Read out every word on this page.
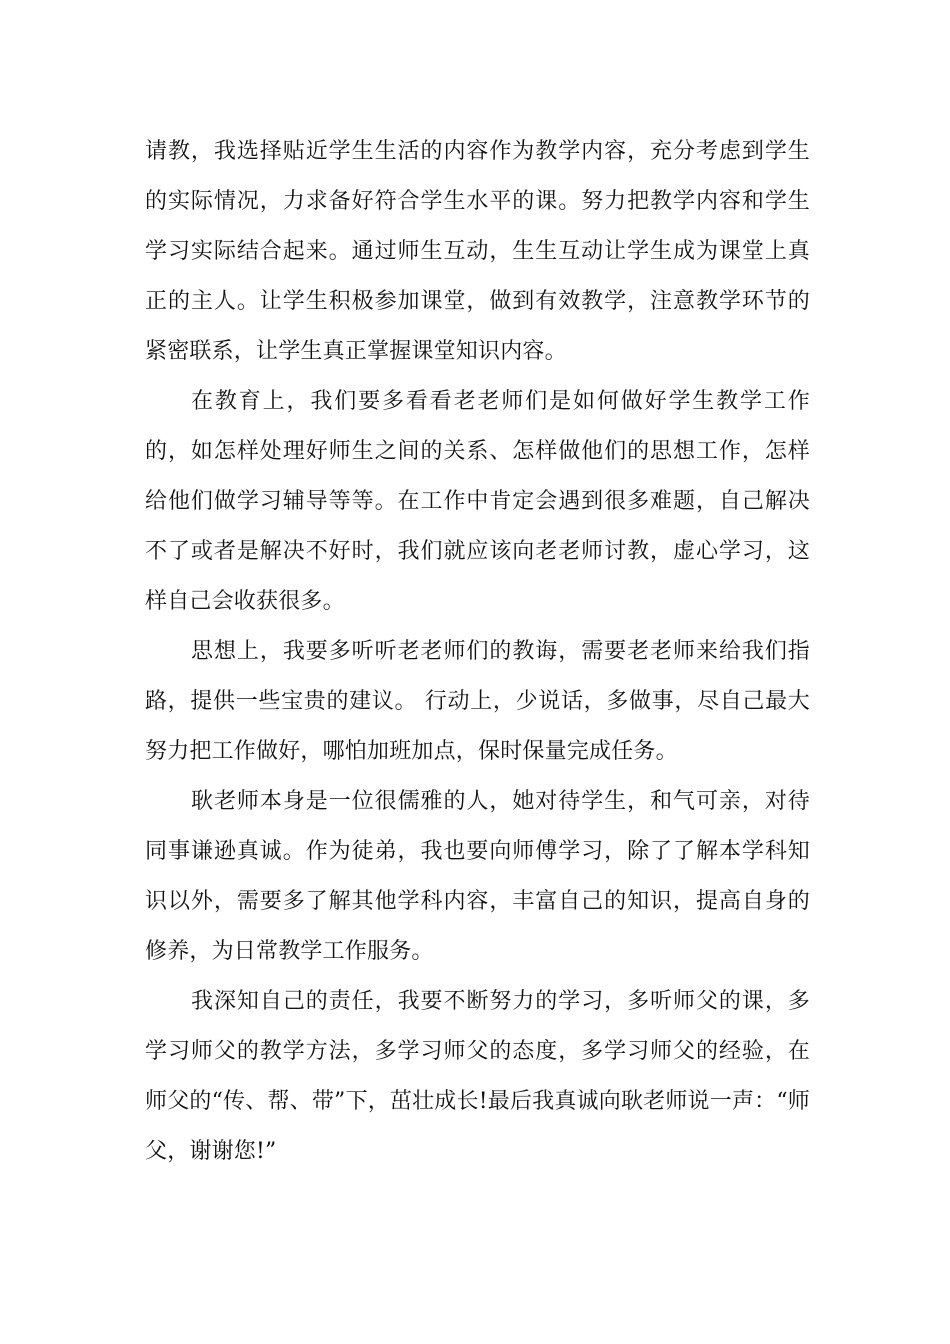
请教，我选择贴近学生生活的内容作为教学内容，充分考虑到学生的实际情况，力求备好符合学生水平的课。努力把教学内容和学生学习实际结合起来。通过师生互动，生生互动让学生成为课堂上真正的主人。让学生积极参加课堂，做到有效教学，注意教学环节的紧密联系，让学生真正掌握课堂知识内容。

在教育上，我们要多看看老老师们是如何做好学生教学工作的，如怎样处理好师生之间的关系、怎样做他们的思想工作，怎样给他们做学习辅导等等。在工作中肯定会遇到很多难题，自己解决不了或者是解决不好时，我们就应该向老老师讨教，虚心学习，这样自己会收获很多。

思想上，我要多听听老老师们的教诲，需要老老师来给我们指路，提供一些宝贵的建议。 行动上，少说话，多做事，尽自己最大努力把工作做好，哪怕加班加点，保时保量完成任务。

耿老师本身是一位很儒雅的人，她对待学生，和气可亲，对待同事谦逊真诚。作为徒弟，我也要向师傅学习，除了了解本学科知识以外，需要多了解其他学科内容，丰富自己的知识，提高自身的修养，为日常教学工作服务。

我深知自己的责任，我要不断努力的学习，多听师父的课，多学习师父的教学方法，多学习师父的态度，多学习师父的经验，在师父的“传、帮、带”下，茁壮成长!最后我真诚向耿老师说一声：“师父，谢谢您!”
